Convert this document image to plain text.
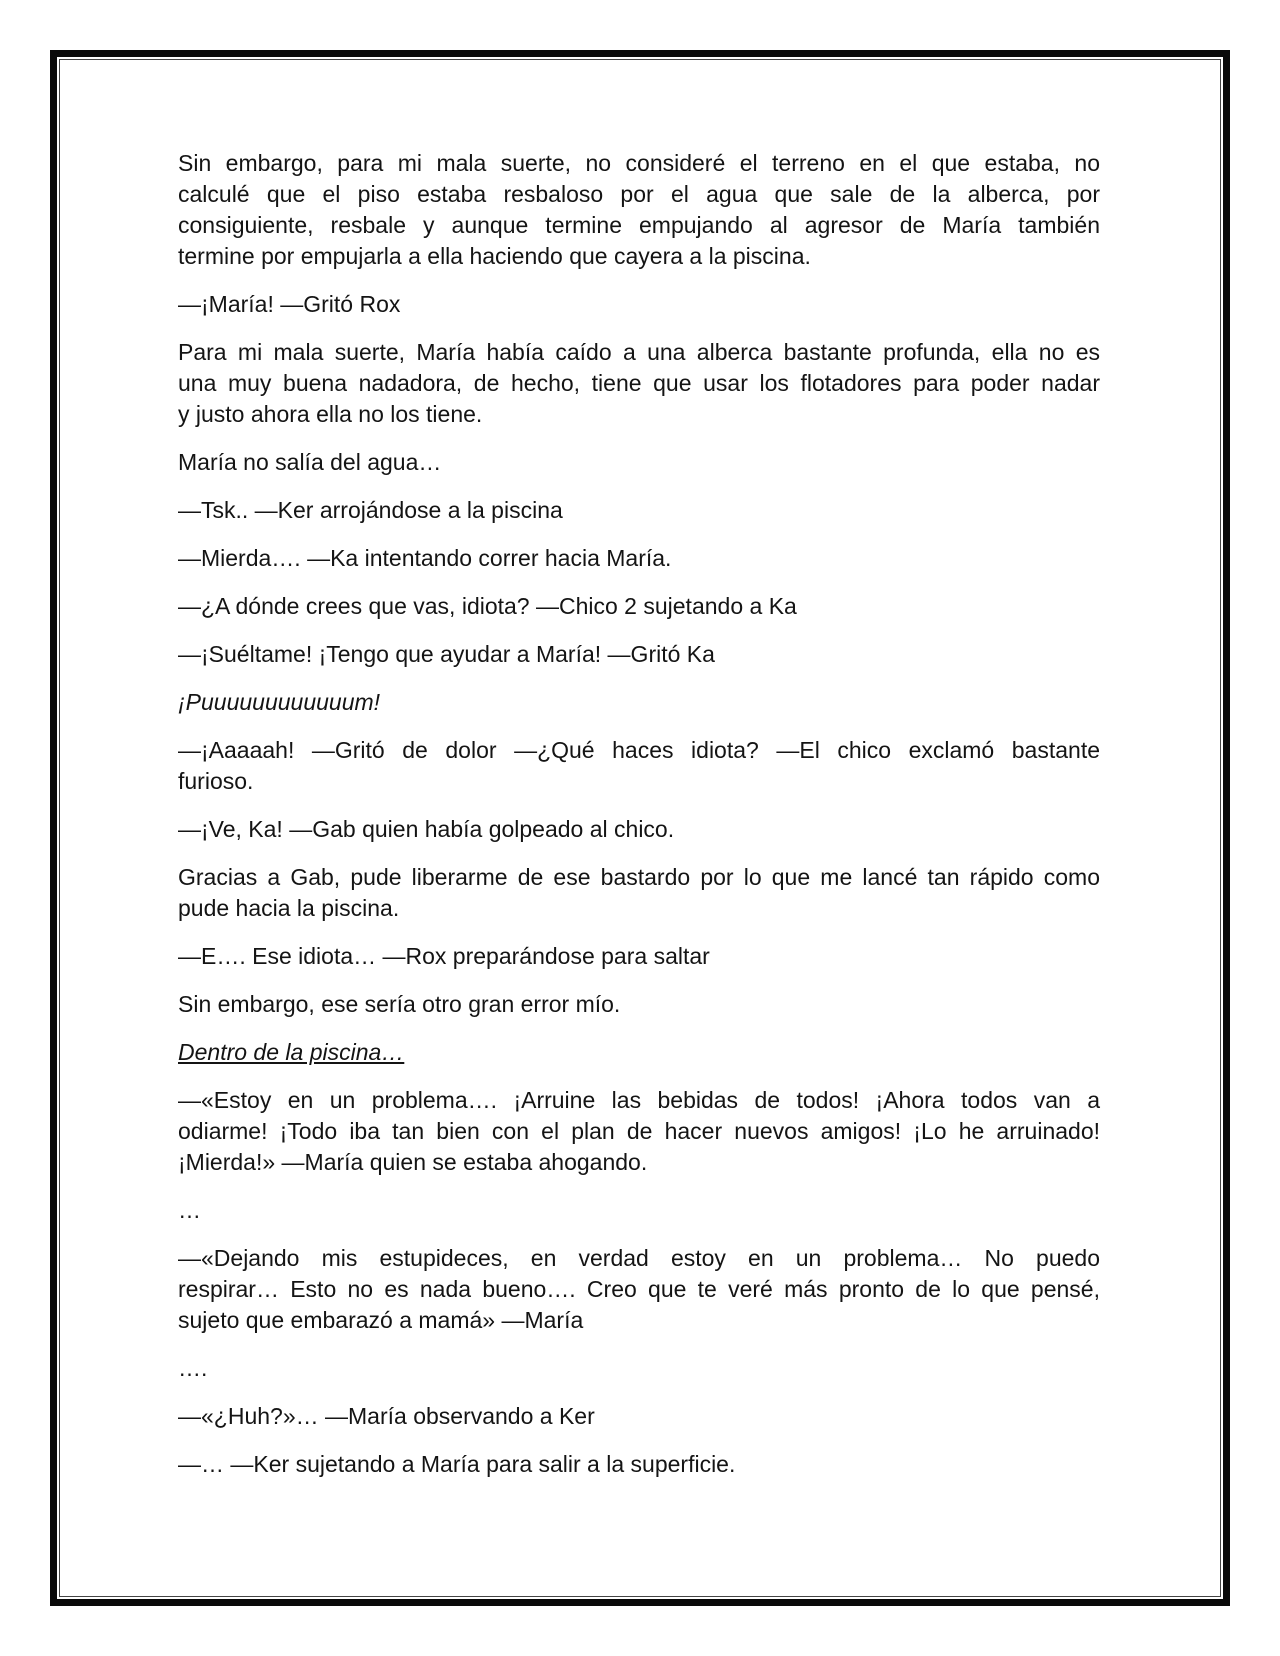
Sin embargo, para mi mala suerte, no consideré el terreno en el que estaba, no
calculé que el piso estaba resbaloso por el agua que sale de la alberca, por
consiguiente, resbale y aunque termine empujando al agresor de María también
termine por empujarla a ella haciendo que cayera a la piscina.

—¡María! —Gritó Rox

Para mi mala suerte, María había caído a una alberca bastante profunda, ella no es
una muy buena nadadora, de hecho, tiene que usar los flotadores para poder nadar
y justo ahora ella no los tiene.

María no salía del agua…

—Tsk.. —Ker arrojándose a la piscina

—Mierda…. —Ka intentando correr hacia María.

—¿A dónde crees que vas, idiota? —Chico 2 sujetando a Ka

—¡Suéltame! ¡Tengo que ayudar a María! —Gritó Ka

¡Puuuuuuuuuuuum!

—¡Aaaaah! —Gritó de dolor —¿Qué haces idiota? —El chico exclamó bastante
furioso.

—¡Ve, Ka! —Gab quien había golpeado al chico.

Gracias a Gab, pude liberarme de ese bastardo por lo que me lancé tan rápido como
pude hacia la piscina.

—E…. Ese idiota… —Rox preparándose para saltar

Sin embargo, ese sería otro gran error mío.

Dentro de la piscina…

—«Estoy en un problema…. ¡Arruine las bebidas de todos! ¡Ahora todos van a
odiarme! ¡Todo iba tan bien con el plan de hacer nuevos amigos! ¡Lo he arruinado!
¡Mierda!» —María quien se estaba ahogando.

…

—«Dejando mis estupideces, en verdad estoy en un problema… No puedo
respirar… Esto no es nada bueno…. Creo que te veré más pronto de lo que pensé,
sujeto que embarazó a mamá» —María

….

—«¿Huh?»… —María observando a Ker

—… —Ker sujetando a María para salir a la superficie.
